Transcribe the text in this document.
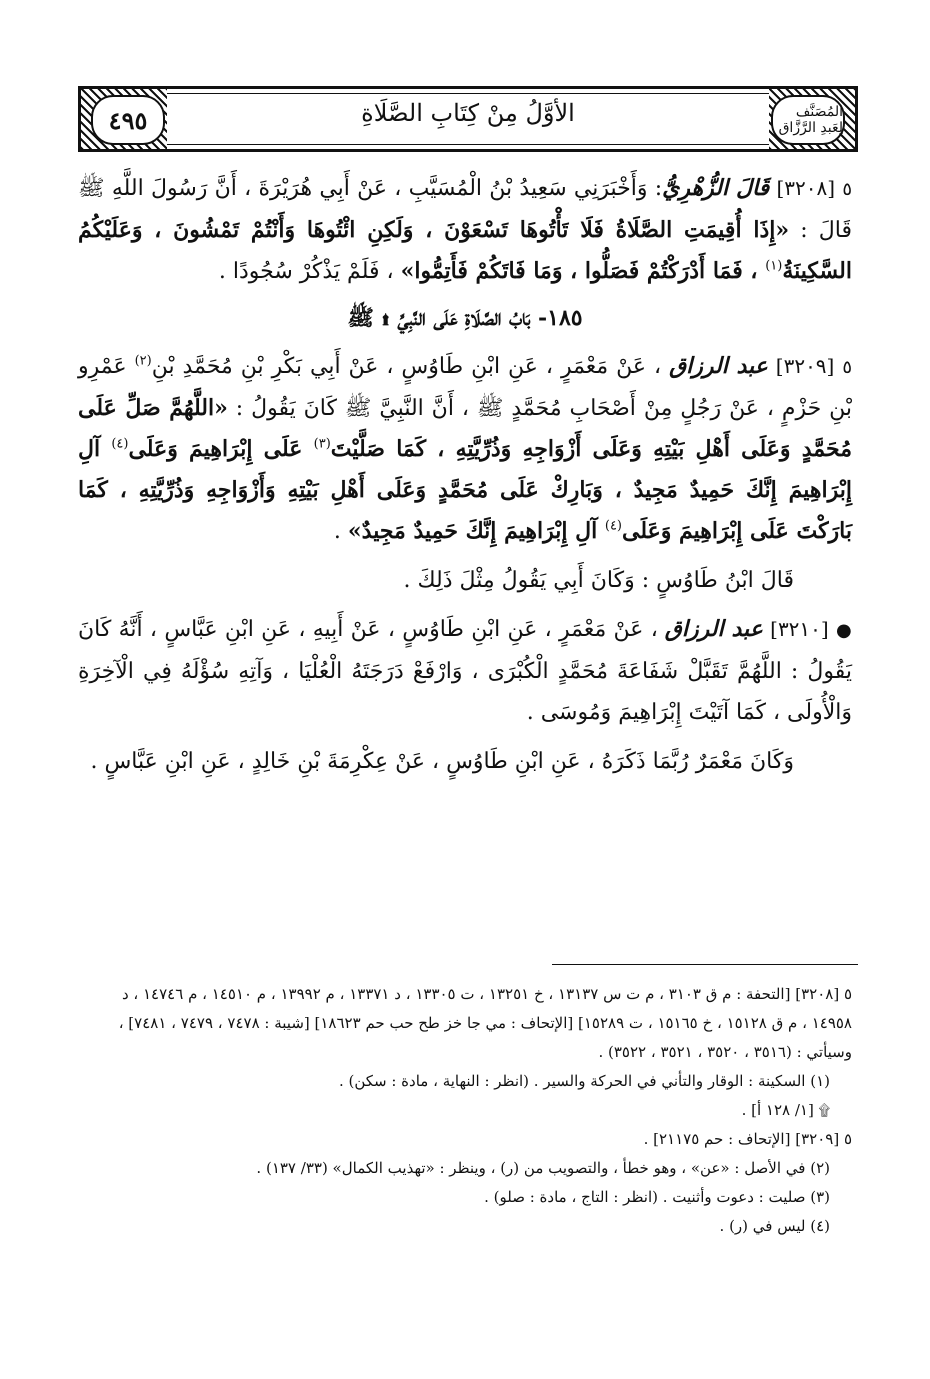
المُصَنَّف لِعَبدِ الرَّزَّاق
٤٩٥	الأوَّلُ مِنْ كِتَابِ الصَّلَاةِ

٥ [٣٢٠٨] قَالَ الزُّهْرِيُّ: وَأَخْبَرَنِي سَعِيدُ بْنُ الْمُسَيَّبِ ، عَنْ أَبِي هُرَيْرَةَ ، أَنَّ رَسُولَ اللَّهِ ﷺ قَالَ : «إِذَا أُقِيمَتِ الصَّلَاةُ فَلَا تَأْتُوهَا تَسْعَوْنَ ، وَلَكِنِ ائْتُوهَا وَأَنْتُمْ تَمْشُونَ ، وَعَلَيْكُمُ السَّكِينَةُ$^{(١)}$ ، فَمَا أَدْرَكْتُمْ فَصَلُّوا ، وَمَا فَاتَكُمْ فَأَتِمُّوا» ، فَلَمْ يَذْكُرْ سُجُودًا .

١٨٥- بَابُ الصَّلَاةِ عَلَى النَّبِيِّ ۩ ﷺ

٥ [٣٢٠٩] عبد الرزاق ، عَنْ مَعْمَرٍ ، عَنِ ابْنِ طَاوُسٍ ، عَنْ أَبِي بَكْرِ بْنِ مُحَمَّدِ بْنِ$^{(٢)}$ عَمْرِو بْنِ حَزْمٍ ، عَنْ رَجُلٍ مِنْ أَصْحَابِ مُحَمَّدٍ ﷺ ، أَنَّ النَّبِيَّ ﷺ كَانَ يَقُولُ : «اللَّهُمَّ صَلِّ عَلَى مُحَمَّدٍ وَعَلَى أَهْلِ بَيْتِهِ وَعَلَى أَزْوَاجِهِ وَذُرِّيَّتِهِ ، كَمَا صَلَّيْتَ$^{(٣)}$ عَلَى إِبْرَاهِيمَ وَعَلَى$^{(٤)}$ آلِ إِبْرَاهِيمَ إِنَّكَ حَمِيدٌ مَجِيدٌ ، وَبَارِكْ عَلَى مُحَمَّدٍ وَعَلَى أَهْلِ بَيْتِهِ وَأَزْوَاجِهِ وَذُرِّيَّتِهِ ، كَمَا بَارَكْتَ عَلَى إِبْرَاهِيمَ وَعَلَى$^{(٤)}$ آلِ إِبْرَاهِيمَ إِنَّكَ حَمِيدٌ مَجِيدٌ» .

قَالَ ابْنُ طَاوُسٍ : وَكَانَ أَبِي يَقُولُ مِثْلَ ذَلِكَ .

● [٣٢١٠] عبد الرزاق ، عَنْ مَعْمَرٍ ، عَنِ ابْنِ طَاوُسٍ ، عَنْ أَبِيهِ ، عَنِ ابْنِ عَبَّاسٍ ، أَنَّهُ كَانَ يَقُولُ : اللَّهُمَّ تَقَبَّلْ شَفَاعَةَ مُحَمَّدٍ الْكُبْرَى ، وَارْفَعْ دَرَجَتَهُ الْعُلْيَا ، وَآتِهِ سُؤْلَهُ فِي الْآخِرَةِ وَالْأُولَى ، كَمَا آتَيْتَ إِبْرَاهِيمَ وَمُوسَى .

وَكَانَ مَعْمَرٌ رُبَّمَا ذَكَرَهُ ، عَنِ ابْنِ طَاوُسٍ ، عَنْ عِكْرِمَةَ بْنِ خَالِدٍ ، عَنِ ابْنِ عَبَّاسٍ .

٥ [٣٢٠٨] [التحفة : م ق ٣١٠٣ ، م ت س ١٣١٣٧ ، خ ١٣٢٥١ ، ت ١٣٣٠٥ ، د ١٣٣٧١ ، م ١٣٩٩٢ ، م ١٤٥١٠ ، م ١٤٧٤٦ ، د ١٤٩٥٨ ، م ق ١٥١٢٨ ، خ ١٥١٦٥ ، ت ١٥٢٨٩] [الإتحاف : مي جا خز طح حب حم ١٨٦٢٣] [شيبة : ٧٤٧٨ ، ٧٤٧٩ ، ٧٤٨١] ، وسيأتي : (٣٥١٦ ، ٣٥٢٠ ، ٣٥٢١ ، ٣٥٢٢) .
(١) السكينة : الوقار والتأني في الحركة والسير . (انظر : النهاية ، مادة : سكن) .
۩ [١/ ١٢٨ أ] .
٥ [٣٢٠٩] [الإتحاف : حم ٢١١٧٥] .
(٢) في الأصل : «عن» ، وهو خطأ ، والتصويب من (ر) ، وينظر : «تهذيب الكمال» (٣٣/ ١٣٧) .
(٣) صليت : دعوت وأثنيت . (انظر : التاج ، مادة : صلو) .
(٤) ليس في (ر) .
